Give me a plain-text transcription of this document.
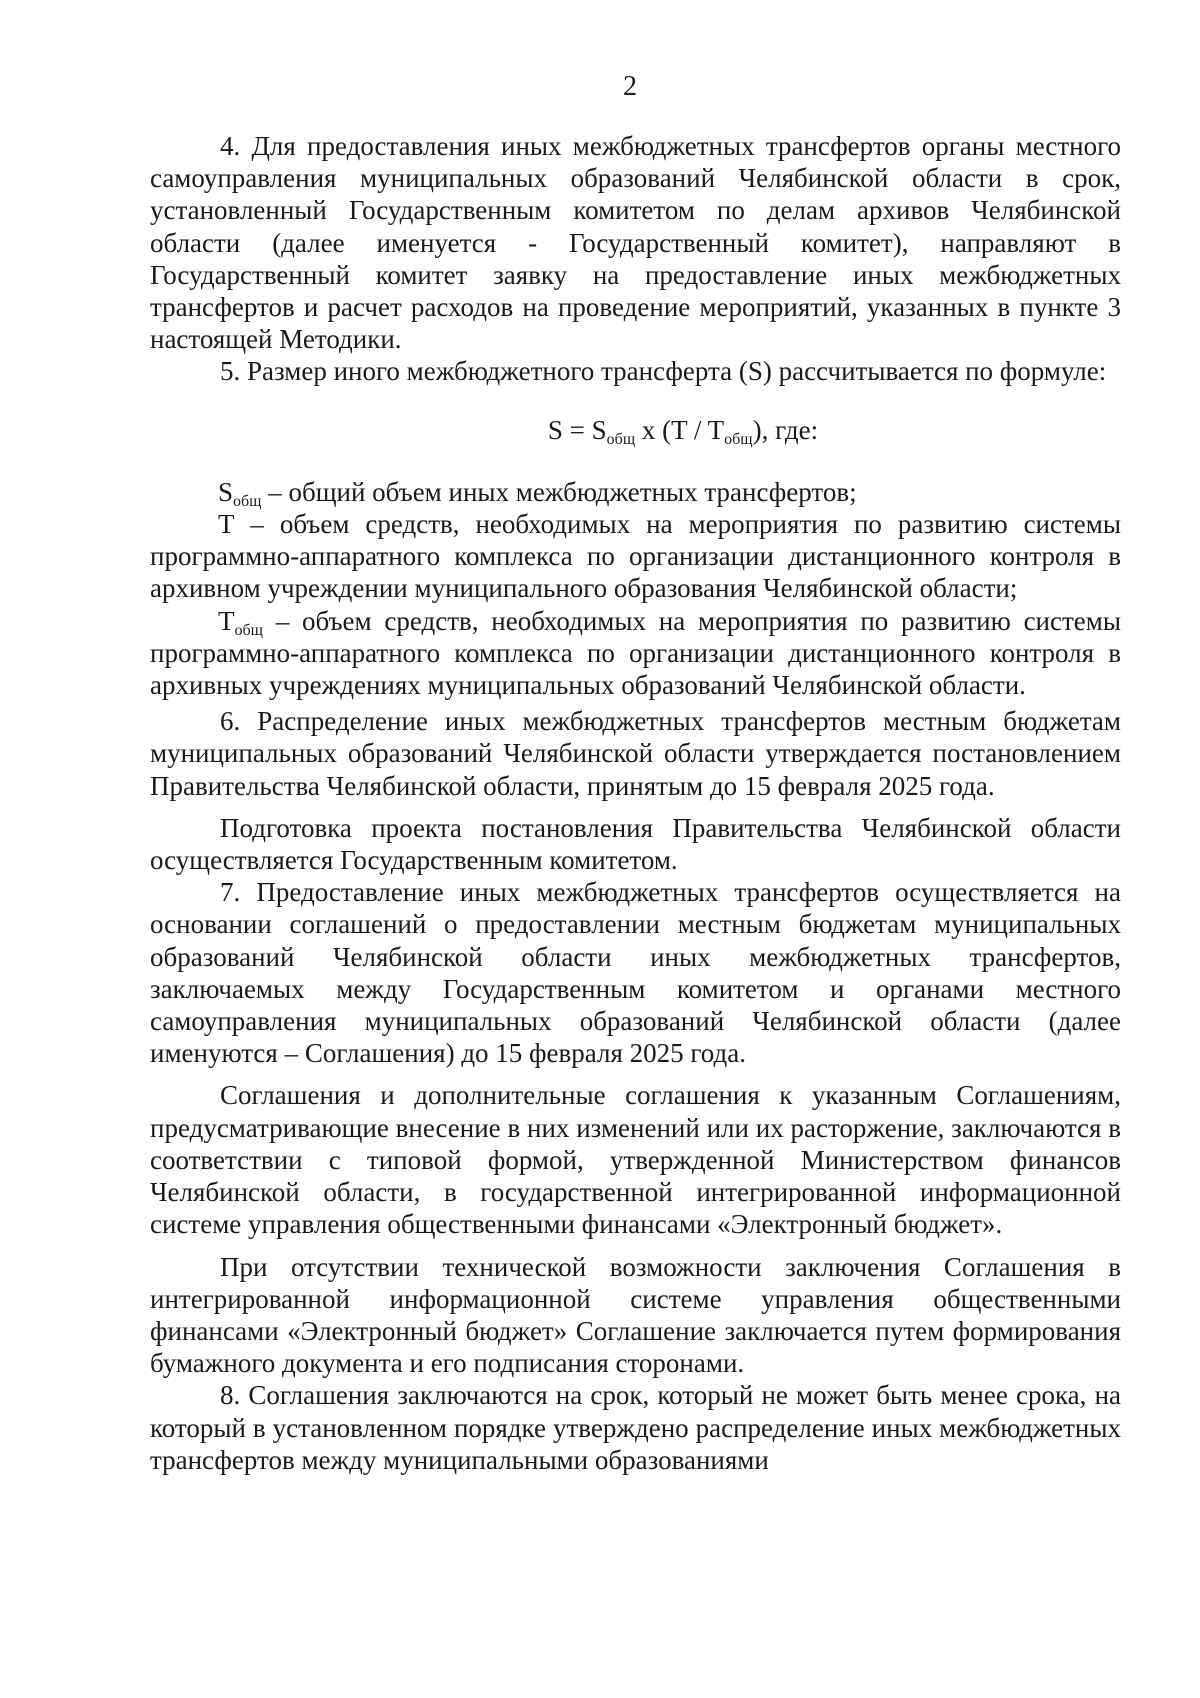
2

4. Для предоставления иных межбюджетных трансфертов органы местного самоуправления муниципальных образований Челябинской области в срок, установленный Государственным комитетом по делам архивов Челябинской области (далее именуется - Государственный комитет), направляют в Государственный комитет заявку на предоставление иных межбюджетных трансфертов и расчет расходов на проведение мероприятий, указанных в пункте 3 настоящей Методики.

5. Размер иного межбюджетного трансферта (S) рассчитывается по формуле:

$S = S_{общ}$ x $(T / T_{общ})$, где:

$S_{общ}$ – общий объем иных межбюджетных трансфертов;

Т – объем средств, необходимых на мероприятия по развитию системы программно-аппаратного комплекса по организации дистанционного контроля в архивном учреждении муниципального образования Челябинской области;

$Т_{общ}$ – объем средств, необходимых на мероприятия по развитию системы программно-аппаратного комплекса по организации дистанционного контроля в архивных учреждениях муниципальных образований Челябинской области.

6. Распределение иных межбюджетных трансфертов местным бюджетам муниципальных образований Челябинской области утверждается постановлением Правительства Челябинской области, принятым до 15 февраля 2025 года.

Подготовка проекта постановления Правительства Челябинской области осуществляется Государственным комитетом.

7. Предоставление иных межбюджетных трансфертов осуществляется на основании соглашений о предоставлении местным бюджетам муниципальных образований Челябинской области иных межбюджетных трансфертов, заключаемых между Государственным комитетом и органами местного самоуправления муниципальных образований Челябинской области (далее именуются – Соглашения) до 15 февраля 2025 года.

Соглашения и дополнительные соглашения к указанным Соглашениям, предусматривающие внесение в них изменений или их расторжение, заключаются в соответствии с типовой формой, утвержденной Министерством финансов Челябинской области, в государственной интегрированной информационной системе управления общественными финансами «Электронный бюджет».

При отсутствии технической возможности заключения Соглашения в интегрированной информационной системе управления общественными финансами «Электронный бюджет» Соглашение заключается путем формирования бумажного документа и его подписания сторонами.

8. Соглашения заключаются на срок, который не может быть менее срока, на который в установленном порядке утверждено распределение иных межбюджетных трансфертов между муниципальными образованиями
